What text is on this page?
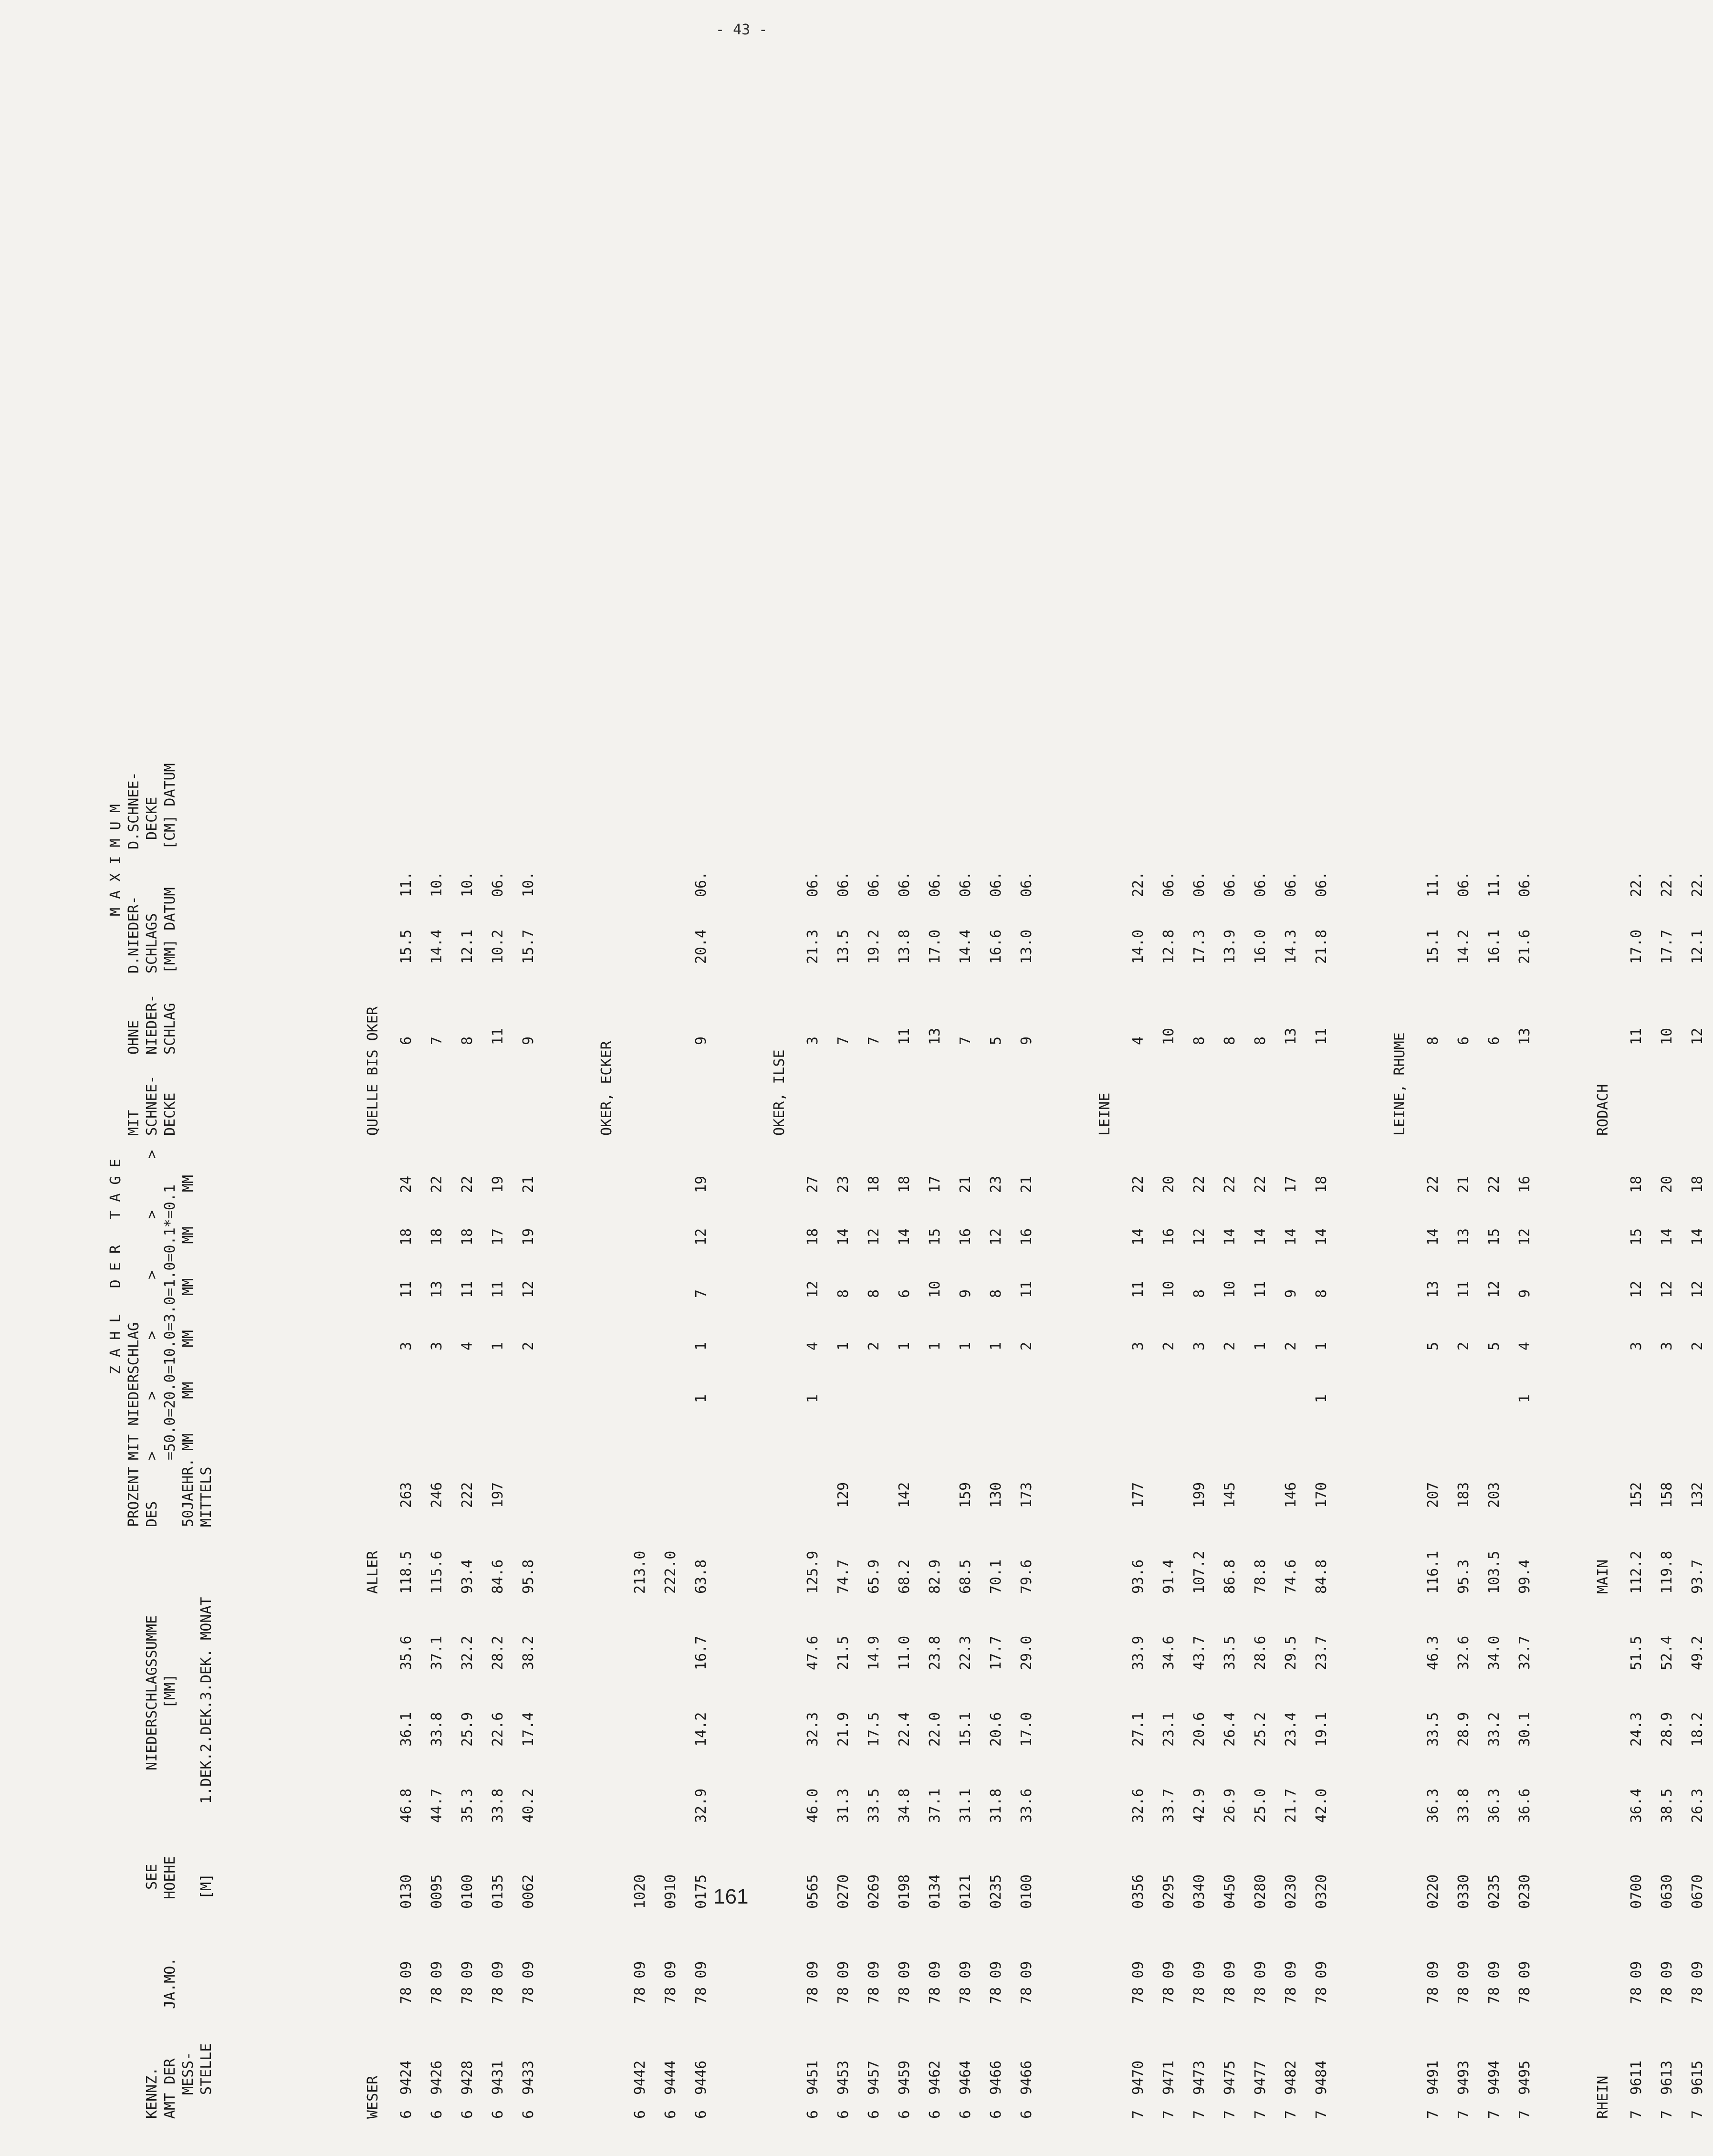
- 43 -

KENNZ.

AMT DER

MESS-

STELLE

JA.MO.

SEE

HOEHE

[M]

NIEDERSCHLAGSSUMME

[MM]

1.DEK.2.DEK.3.DEK. MONAT

PROZENT

DES

50JAEHR.

MITTELS

Z A H L   D E R   T A G E

MIT NIEDERSCHLAG

>      >      >      >      >      >

=50.0=20.0=10.0=3.0=1.0=0.1*=0.1

MM    MM    MM    MM    MM    MM

MIT

SCHNEE-

DECKE

OHNE

NIEDER-

SCHLAG

M A X I M U M

D.NIEDER-

SCHLAGS

[MM] DATUM

D.SCHNEE-

DECKE

[CM] DATUM

WESER
ALLER
QUELLE BIS OKER
6
9424
78 09
0130
46.8
36.1
35.6
118.5
263
3
11
18
24
6
15.5
11.
6
9426
78 09
0095
44.7
33.8
37.1
115.6
246
3
13
18
22
7
14.4
10.
6
9428
78 09
0100
35.3
25.9
32.2
93.4
222
4
11
18
22
8
12.1
10.
6
9431
78 09
0135
33.8
22.6
28.2
84.6
197
1
11
17
19
11
10.2
06.
6
9433
78 09
0062
40.2
17.4
38.2
95.8
2
12
19
21
9
15.7
10.
OKER, ECKER
6
9442
78 09
1020
213.0
6
9444
78 09
0910
222.0
6
9446
78 09
0175
32.9
14.2
16.7
63.8
1
1
7
12
19
9
20.4
06.
OKER, ILSE
6
9451
78 09
0565
46.0
32.3
47.6
125.9
1
4
12
18
27
3
21.3
06.
6
9453
78 09
0270
31.3
21.9
21.5
74.7
129
1
8
14
23
7
13.5
06.
6
9457
78 09
0269
33.5
17.5
14.9
65.9
2
8
12
18
7
19.2
06.
6
9459
78 09
0198
34.8
22.4
11.0
68.2
142
1
6
14
18
11
13.8
06.
6
9462
78 09
0134
37.1
22.0
23.8
82.9
1
10
15
17
13
17.0
06.
6
9464
78 09
0121
31.1
15.1
22.3
68.5
159
1
9
16
21
7
14.4
06.
6
9466
78 09
0235
31.8
20.6
17.7
70.1
130
1
8
12
23
5
16.6
06.
6
9466
78 09
0100
33.6
17.0
29.0
79.6
173
2
11
16
21
9
13.0
06.
LEINE
7
9470
78 09
0356
32.6
27.1
33.9
93.6
177
3
11
14
22
4
14.0
22.
7
9471
78 09
0295
33.7
23.1
34.6
91.4
2
10
16
20
10
12.8
06.
7
9473
78 09
0340
42.9
20.6
43.7
107.2
199
3
8
12
22
8
17.3
06.
7
9475
78 09
0450
26.9
26.4
33.5
86.8
145
2
10
14
22
8
13.9
06.
7
9477
78 09
0280
25.0
25.2
28.6
78.8
1
11
14
22
8
16.0
06.
7
9482
78 09
0230
21.7
23.4
29.5
74.6
146
2
9
14
17
13
14.3
06.
7
9484
78 09
0320
42.0
19.1
23.7
84.8
170
1
1
8
14
18
11
21.8
06.
LEINE, RHUME
7
9491
78 09
0220
36.3
33.5
46.3
116.1
207
5
13
14
22
8
15.1
11.
7
9493
78 09
0330
33.8
28.9
32.6
95.3
183
2
11
13
21
6
14.2
06.
7
9494
78 09
0235
36.3
33.2
34.0
103.5
203
5
12
15
22
6
16.1
11.
7
9495
78 09
0230
36.6
30.1
32.7
99.4
1
4
9
12
16
13
21.6
06.
RHEIN
MAIN
RODACH
7
9611
78 09
0700
36.4
24.3
51.5
112.2
152
3
12
15
18
11
17.0
22.
7
9613
78 09
0630
38.5
28.9
52.4
119.8
158
3
12
14
20
10
17.7
22.
7
9615
78 09
0670
26.3
18.2
49.2
93.7
132
2
12
14
18
12
12.1
22.
161
